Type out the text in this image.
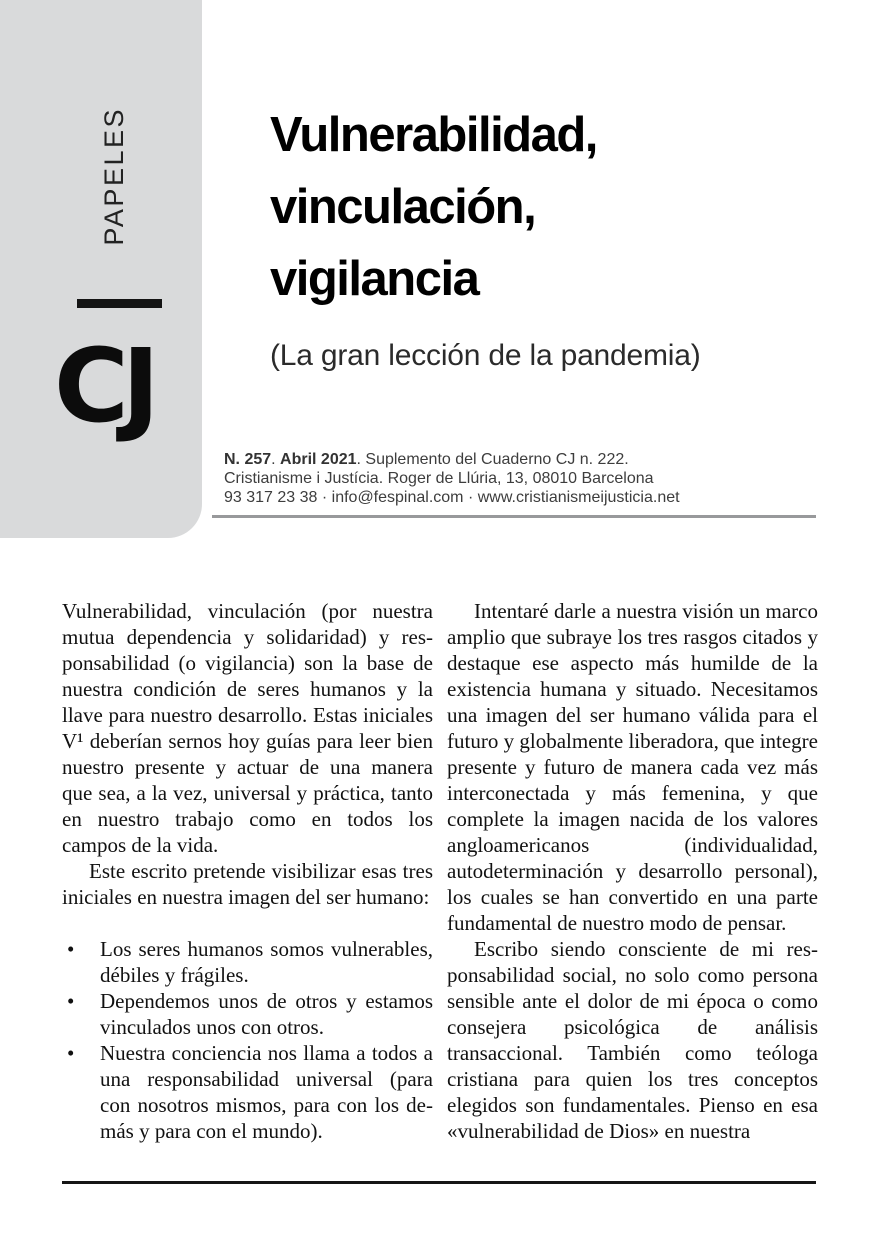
PAPELES
CJ
Vulnerabilidad,
vinculación,
vigilancia
(La gran lección de la pandemia)
N. 257. Abril 2021. Suplemento del Cuaderno CJ n. 222.
Cristianisme i Justícia. Roger de Llúria, 13, 08010 Barcelona
93 317 23 38 · info@fespinal.com · www.cristianismeijusticia.net

Vulnerabilidad, vinculación (por nuestra mutua dependencia y solidaridad) y responsabilidad (o vigilancia) son la base de nuestra condición de seres humanos y la llave para nuestro desarrollo. Estas iniciales V¹ deberían sernos hoy guías para leer bien nuestro presente y actuar de una manera que sea, a la vez, universal y práctica, tanto en nuestro trabajo como en todos los campos de la vida.

Este escrito pretende visibilizar esas tres iniciales en nuestra imagen del ser humano:

• Los seres humanos somos vulnerables, débiles y frágiles.
• Dependemos unos de otros y estamos vinculados unos con otros.
• Nuestra conciencia nos llama a todos a una responsabilidad universal (para con nosotros mismos, para con los demás y para con el mundo).

Intentaré darle a nuestra visión un marco amplio que subraye los tres rasgos citados y destaque ese aspecto más humilde de la existencia humana y situado. Necesitamos una imagen del ser humano válida para el futuro y globalmente liberadora, que integre presente y futuro de manera cada vez más interconectada y más femenina, y que complete la imagen nacida de los valores angloamericanos (individualidad, autodeterminación y desarrollo personal), los cuales se han convertido en una parte fundamental de nuestro modo de pensar.

Escribo siendo consciente de mi responsabilidad social, no solo como persona sensible ante el dolor de mi época o como consejera psicológica de análisis transaccional. También como teóloga cristiana para quien los tres conceptos elegidos son fundamentales. Pienso en esa «vulnerabilidad de Dios» en nuestra
